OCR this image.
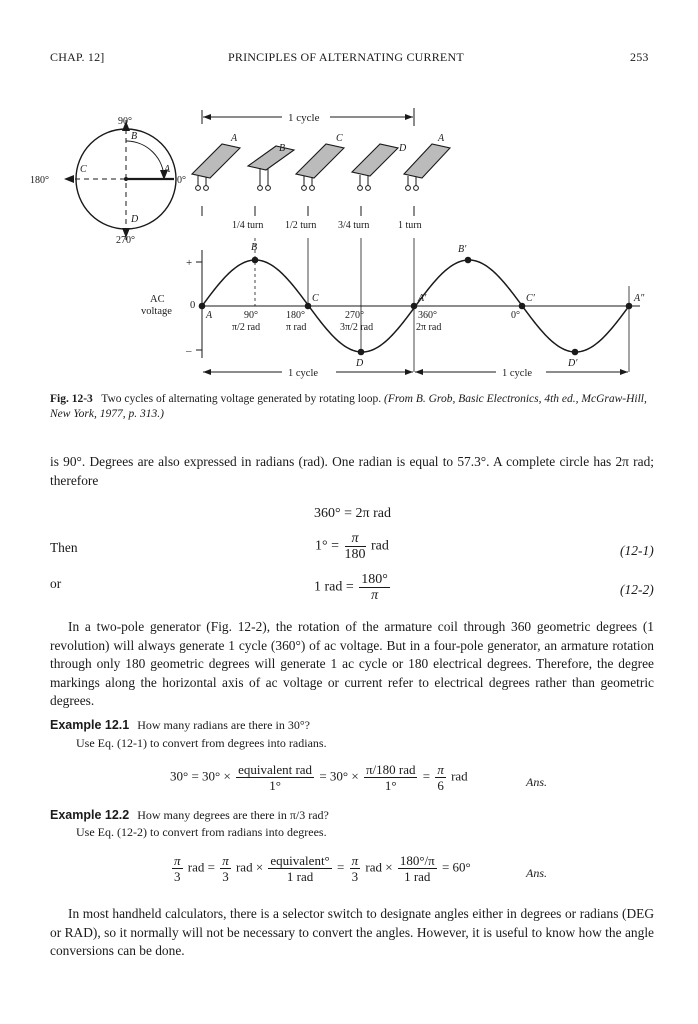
CHAP. 12]	PRINCIPLES OF ALTERNATING CURRENT	253
90°
180°
270°
0°
B
C	A
D
1 cycle
A
B
C
D
A
1/4 turn 1/2 turn 3/4 turn	1 turn
AC
voltage
0
+
–
A
B
C
D
A′
B′
C′
0°
D′
A″
90°	180°	270°	360°
π/2 rad	π rad	3π/2 rad	2π rad
1 cycle	1 cycle
Fig. 12-3 Two cycles of alternating voltage generated by rotating loop. (From B. Grob, Basic Electronics, 4th ed., McGraw-Hill, New York, 1977, p. 313.)
is 90°. Degrees are also expressed in radians (rad). One radian is equal to 57.3°. A complete circle has 2π rad; therefore
360° = 2π rad
Then	$1^\circ = \frac{\pi}{180}$ rad	(12-1)
or	1 rad = $\frac{180^\circ}{\pi}$	(12-2)
In a two-pole generator (Fig. 12-2), the rotation of the armature coil through 360 geometric degrees (1 revolution) will always generate 1 cycle (360°) of ac voltage. But in a four-pole generator, an armature rotation through only 180 geometric degrees will generate 1 ac cycle or 180 electrical degrees. Therefore, the degree markings along the horizontal axis of ac voltage or current refer to electrical degrees rather than geometric degrees.
Example 12.1 How many radians are there in 30°?
Use Eq. (12-1) to convert from degrees into radians.
$30^\circ = 30^\circ \times \frac{\text{equivalent rad}}{1^\circ} = 30^\circ \times \frac{\text{π/180 rad}}{1^\circ} = \frac{\pi}{6}$ rad	Ans.
Example 12.2 How many degrees are there in π/3 rad?
Use Eq. (12-2) to convert from radians into degrees.
$\frac{\pi}{3}$ rad = $\frac{\pi}{3}$ rad × $\frac{\text{equivalent°}}{\text{1 rad}} = \frac{\pi}{3}$ rad × $\frac{180^\circ/\pi}{\text{1 rad}} = 60^\circ$	Ans.
In most handheld calculators, there is a selector switch to designate angles either in degrees or radians (DEG or RAD), so it normally will not be necessary to convert the angles. However, it is useful to know how the angle conversions can be done.
